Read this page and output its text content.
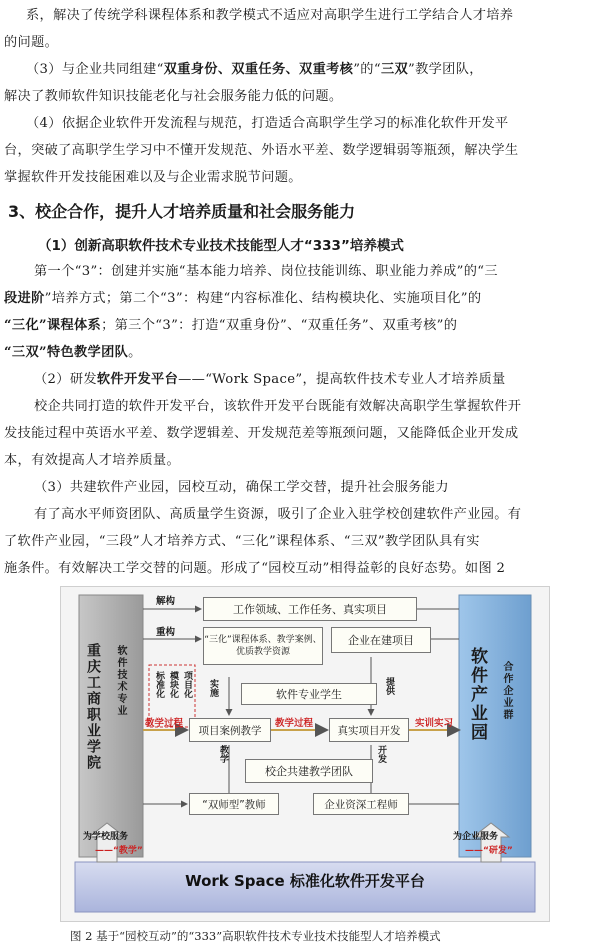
系，解决了传统学科课程体系和教学模式不适应对高职学生进行工学结合人才培养
的问题。
（3）与企业共同组建“双重身份、双重任务、双重考核”的“三双”教学团队，
解决了教师软件知识技能老化与社会服务能力低的问题。
（4）依据企业软件开发流程与规范，打造适合高职学生学习的标准化软件开发平
台，突破了高职学生学习中不懂开发规范、外语水平差、数学逻辑弱等瓶颈，解决学生
掌握软件开发技能困难以及与企业需求脱节问题。
3、校企合作，提升人才培养质量和社会服务能力
（1）创新高职软件技术专业技术技能型人才“333”培养模式
第一个“3”：创建并实施“基本能力培养、岗位技能训练、职业能力养成”的“三
段进阶”培养方式；第二个“3”：构建“内容标准化、结构模块化、实施项目化”的
“三化”课程体系；第三个“3”：打造“双重身份”、“双重任务”、双重考核”的
“三双”特色教学团队。
（2）研发软件开发平台——“Work Space”，提高软件技术专业人才培养质量
校企共同打造的软件开发平台，该软件开发平台既能有效解决高职学生掌握软件开
发技能过程中英语水平差、数学逻辑差、开发规范差等瓶颈问题，又能降低企业开发成
本，有效提高人才培养质量。
（3）共建软件产业园，园校互动，确保工学交替，提升社会服务能力
有了高水平师资团队、高质量学生资源，吸引了企业入驻学校创建软件产业园。有
了软件产业园，“三段”人才培养方式、“三化”课程体系、“三双”教学团队具有实
施条件。有效解决工学交替的问题。形成了“园校互动”相得益彰的良好态势。如图 2
重庆工商职业学院 软件技术专业	软件产业园	合作企业群
解构
重构
工作领域、工作任务、真实项目
“三化”课程体系、教学案例、优质教学资源
企业在建项目
软件专业学生
项目案例教学	真实项目开发
校企共建教学团队
“双师型”教师	企业资深工程师
标准化 模块化 项目化 实施	提供
教学过程	教学过程	实训实习
教学	开发
为学校服务
——“教学”
为企业服务
——“研发”
Work Space 标准化软件开发平台
图 2 基于“园校互动”的“333”高职软件技术专业技术技能型人才培养模式
